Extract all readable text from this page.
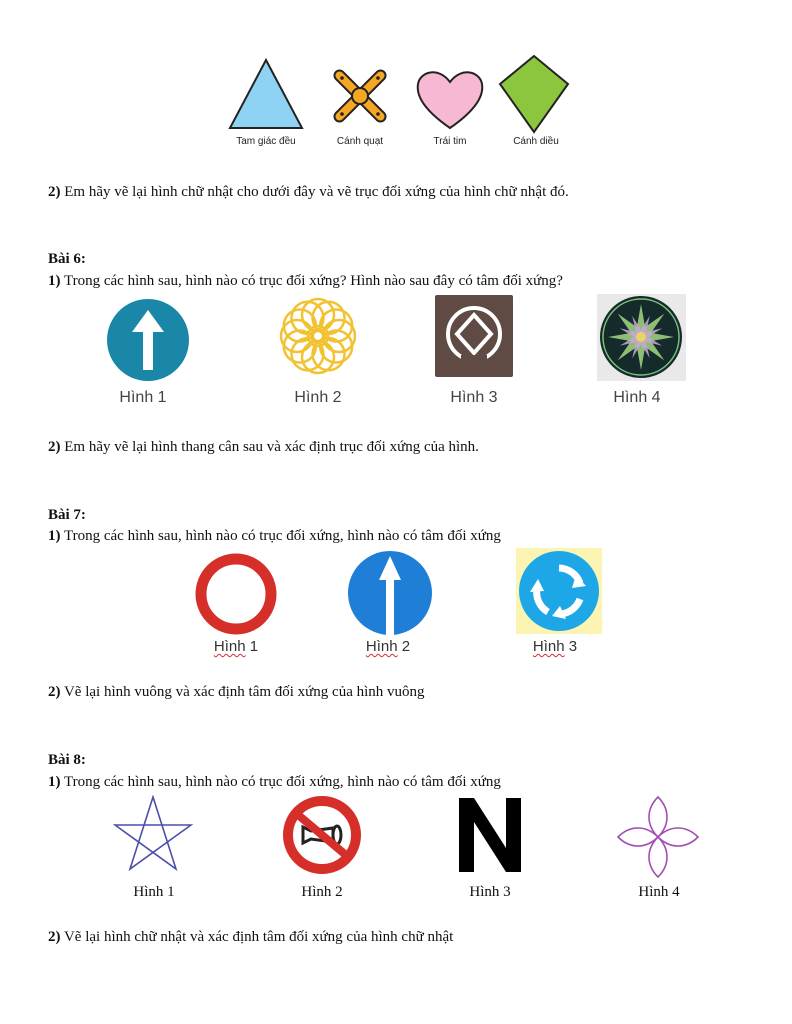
Tam giác đều	Cánh quạt	Trái tim	Cánh diều
2) Em hãy vẽ lại hình chữ nhật cho dưới đây và vẽ trục đối xứng của hình chữ nhật đó.
Bài 6:
1) Trong các hình sau, hình nào có trục đối xứng? Hình nào sau đây có tâm đối xứng?
Hình 1	Hình 2	Hình 3	Hình 4
2) Em hãy vẽ lại hình thang cân sau và xác định trục đối xứng của hình.
Bài 7:
1) Trong các hình sau, hình nào có trục đối xứng, hình nào có tâm đối xứng
Hình 1	Hình 2	Hình 3
2) Vẽ lại hình vuông và xác định tâm đối xứng của hình vuông
Bài 8:
1) Trong các hình sau, hình nào có trục đối xứng, hình nào có tâm đối xứng
Hình 1	Hình 2	Hình 3	Hình 4
2) Vẽ lại hình chữ nhật và xác định tâm đối xứng của hình chữ nhật
